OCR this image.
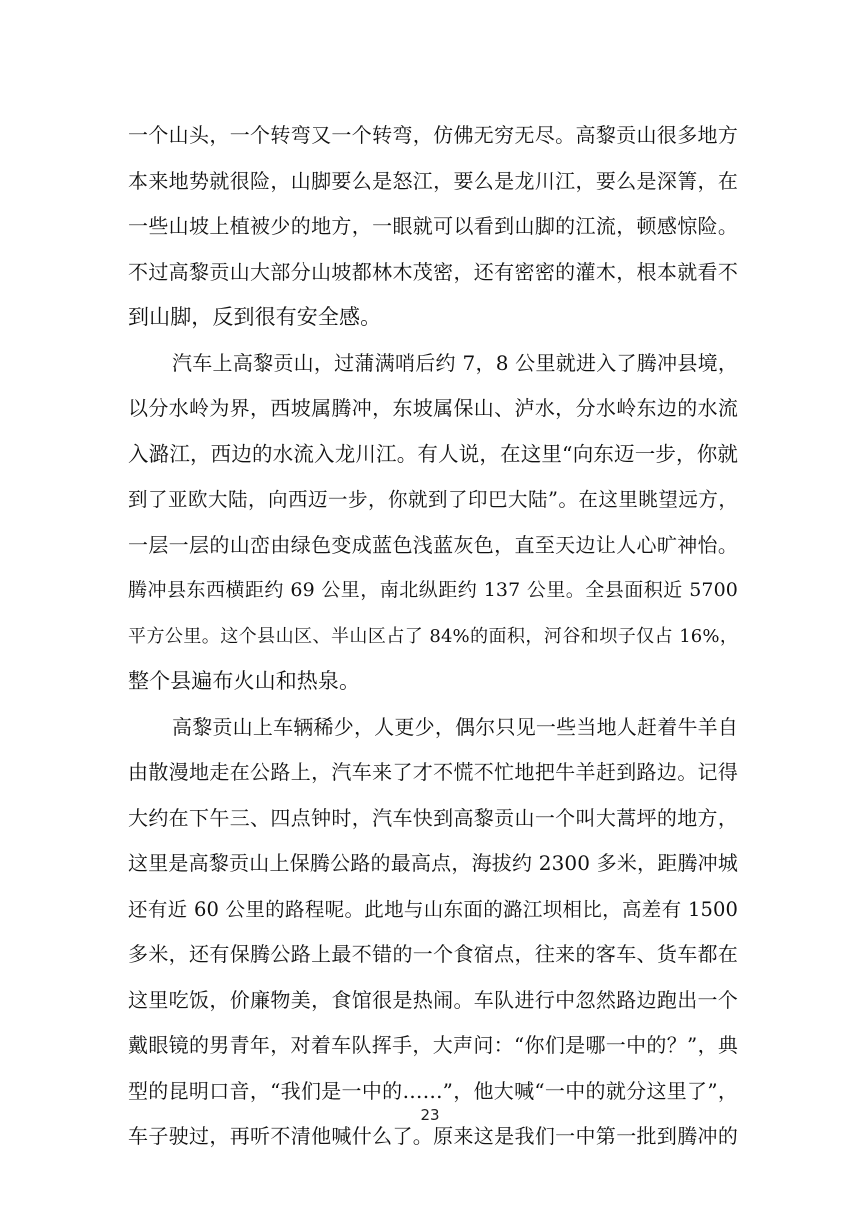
一个山头，一个转弯又一个转弯，仿佛无穷无尽。高黎贡山很多地方
本来地势就很险，山脚要么是怒江，要么是龙川江，要么是深箐，在
一些山坡上植被少的地方，一眼就可以看到山脚的江流，顿感惊险。
不过高黎贡山大部分山坡都林木茂密，还有密密的灌木，根本就看不
到山脚，反到很有安全感。
汽车上高黎贡山，过蒲满哨后约 7，8 公里就进入了腾冲县境，
以分水岭为界，西坡属腾冲，东坡属保山、泸水，分水岭东边的水流
入潞江，西边的水流入龙川江。有人说，在这里“向东迈一步，你就
到了亚欧大陆，向西迈一步，你就到了印巴大陆”。在这里眺望远方，
一层一层的山峦由绿色变成蓝色浅蓝灰色，直至天边让人心旷神怡。
腾冲县东西横距约 69 公里，南北纵距约 137 公里。全县面积近 5700
平方公里。这个县山区、半山区占了 84%的面积，河谷和坝子仅占 16%，
整个县遍布火山和热泉。
高黎贡山上车辆稀少，人更少，偶尔只见一些当地人赶着牛羊自
由散漫地走在公路上，汽车来了才不慌不忙地把牛羊赶到路边。记得
大约在下午三、四点钟时，汽车快到高黎贡山一个叫大蒿坪的地方，
这里是高黎贡山上保腾公路的最高点，海拔约 2300 多米，距腾冲城
还有近 60 公里的路程呢。此地与山东面的潞江坝相比，高差有 1500
多米，还有保腾公路上最不错的一个食宿点，往来的客车、货车都在
这里吃饭，价廉物美，食馆很是热闹。车队进行中忽然路边跑出一个
戴眼镜的男青年，对着车队挥手，大声问：“你们是哪一中的？”，典
型的昆明口音，“我们是一中的……”，他大喊“一中的就分这里了”，
车子驶过，再听不清他喊什么了。原来这是我们一中第一批到腾冲的
23
